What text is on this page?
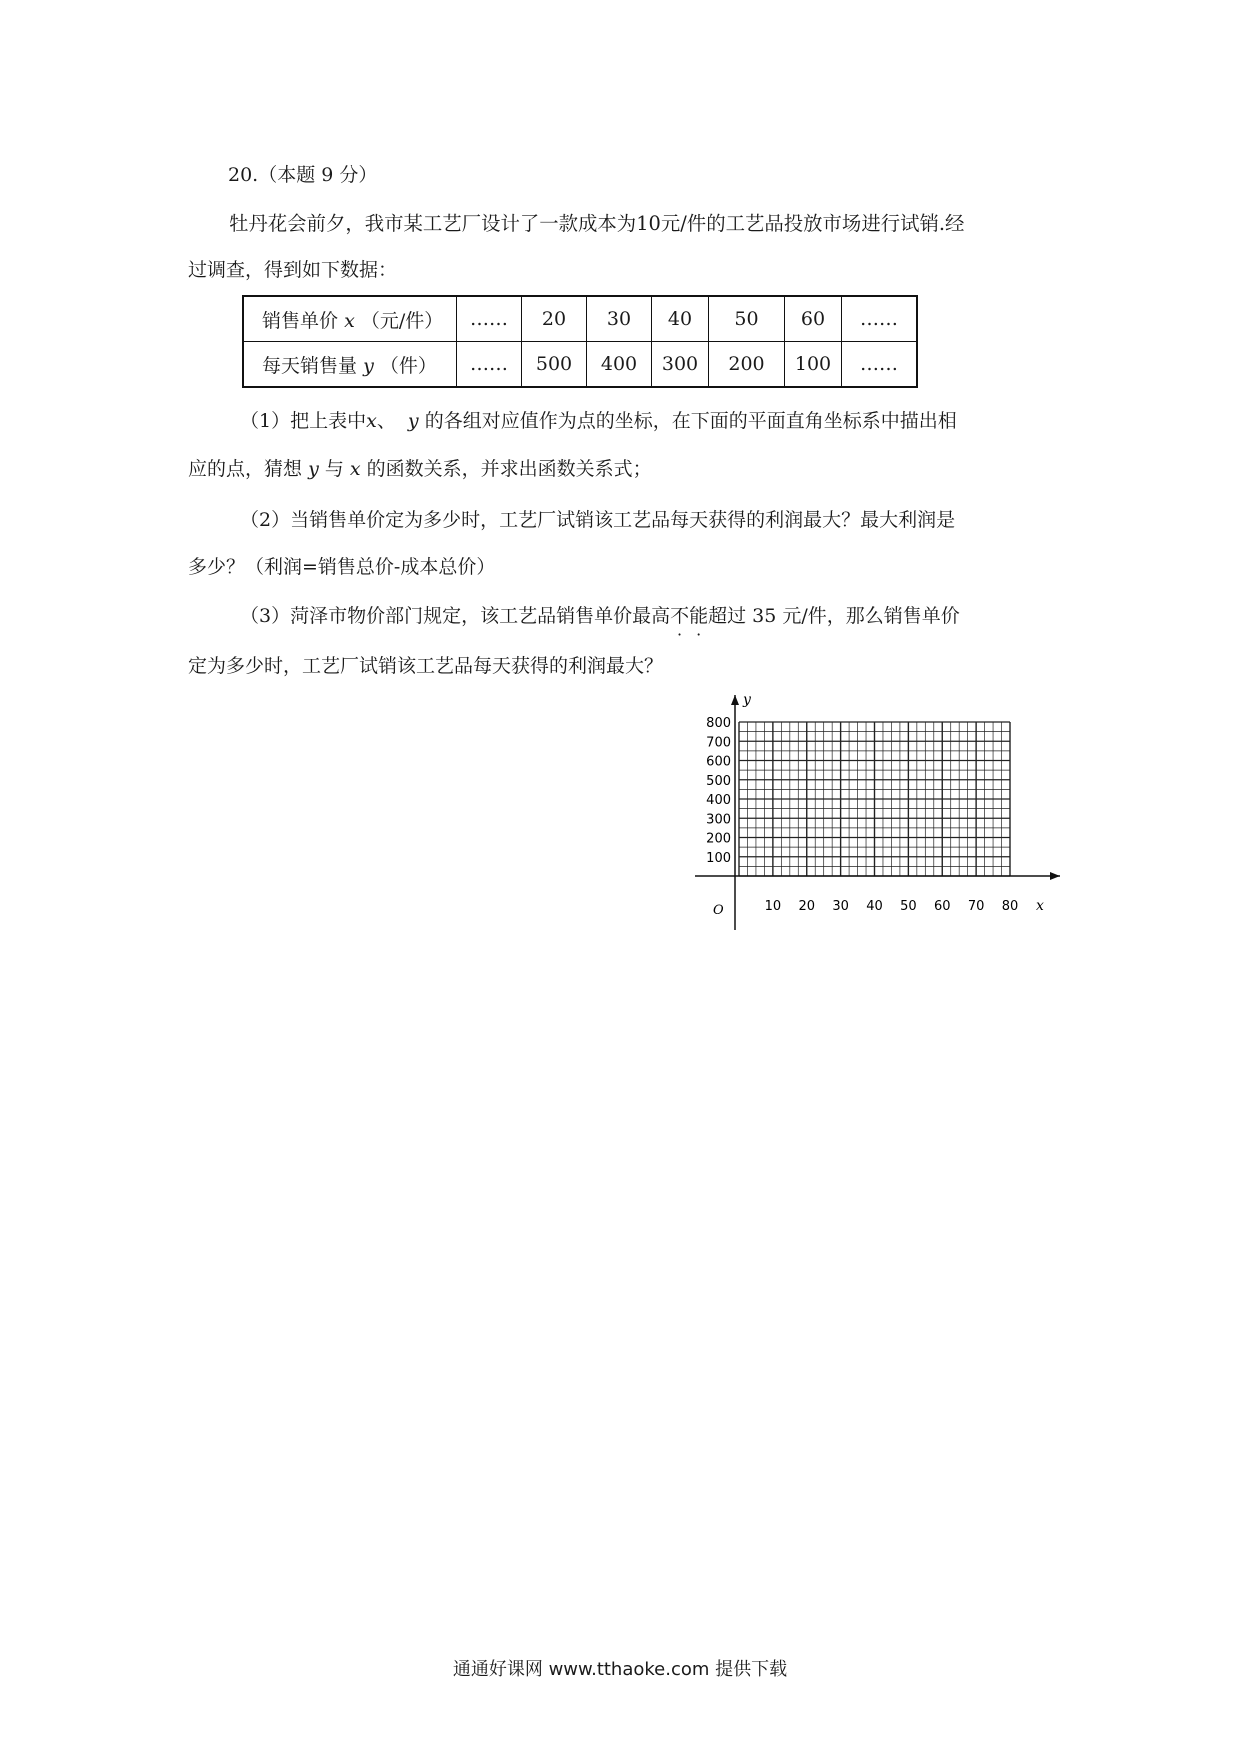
20.（本题 9 分）
牡丹花会前夕，我市某工艺厂设计了一款成本为10元/件的工艺品投放市场进行试销.经
过调查，得到如下数据：
销售单价 x （元/件）	……	20	30	40	50	60	……
每天销售量 y （件）	……	500	400	300	200	100	……
（1）把上表中x、 y 的各组对应值作为点的坐标，在下面的平面直角坐标系中描出相
应的点，猜想 y 与 x 的函数关系，并求出函数关系式；
（2）当销售单价定为多少时，工艺厂试销该工艺品每天获得的利润最大？最大利润是
多少？（利润=销售总价-成本总价）
（3）菏泽市物价部门规定，该工艺品销售单价最高不能超过 35 元/件，那么销售单价
定为多少时，工艺厂试销该工艺品每天获得的利润最大？
10 20 30 40 50 60 70 80
100
200
300
400
500
600
700
800
O	x
y
通通好课网 www.tthaoke.com 提供下载
